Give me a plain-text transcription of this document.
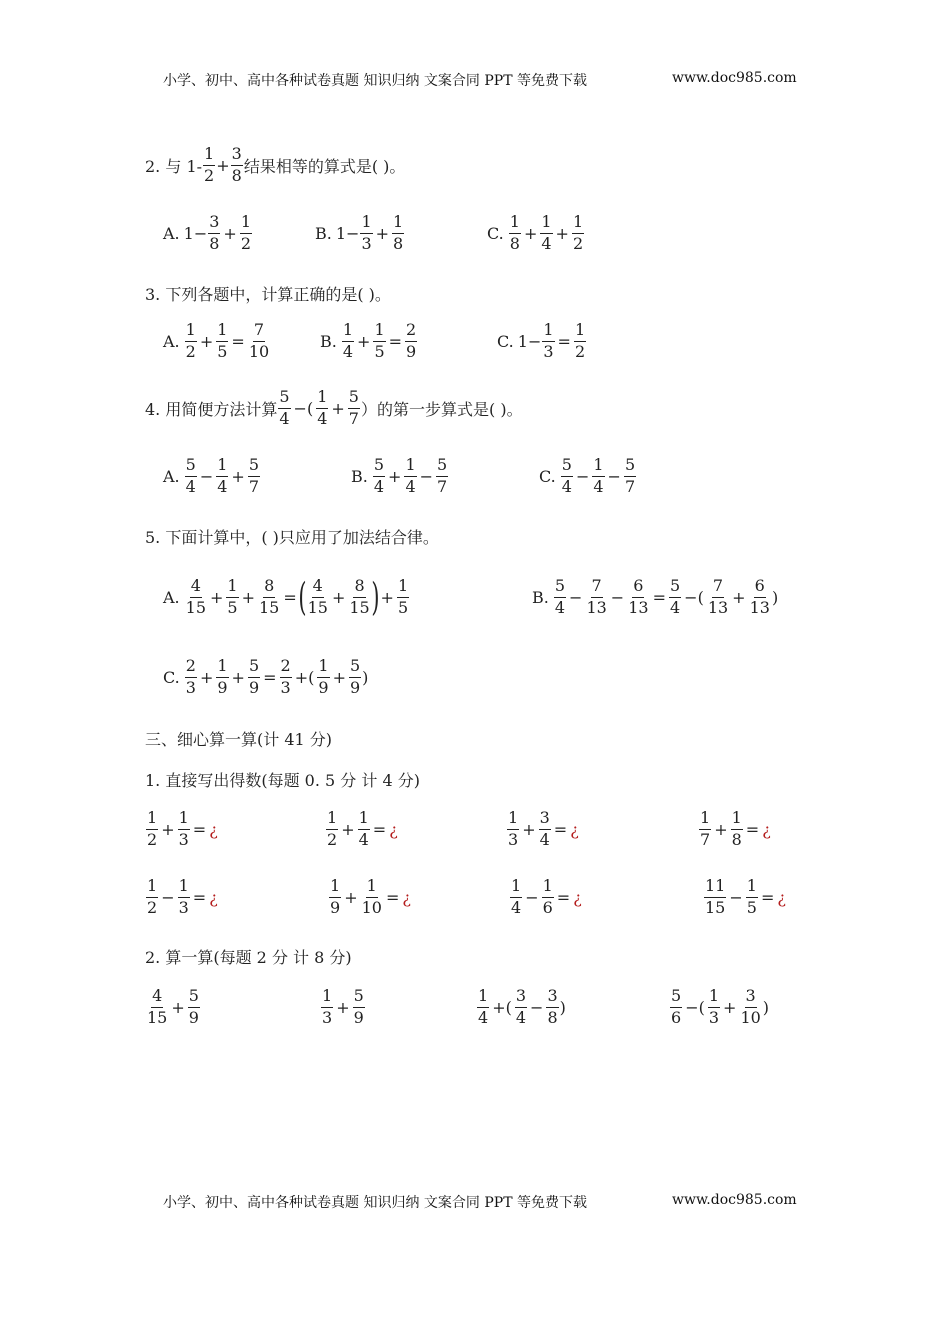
小学、初中、高中各种试卷真题 知识归纳 文案合同 PPT 等免费下载	www.doc985.com
2. 与 $1- \frac{1}{2} + \frac{3}{8}$ 结果相等的算式是( )。
A. $1- \frac{3}{8} + \frac{1}{2}$	B. $1- \frac{1}{3} + \frac{1}{8}$	C. $\frac{1}{8} + \frac{1}{4} + \frac{1}{2}$
3. 下列各题中，计算正确的是( )。
A. $\frac{1}{2} + \frac{1}{5} = \frac{7}{10}$	B. $\frac{1}{4} + \frac{1}{5} = \frac{2}{9}$	C. $1- \frac{1}{3} = \frac{1}{2}$
4. 用简便方法计算 $\frac{5}{4}$ −( $\frac{1}{4} + \frac{5}{7}$ ） 的第一步算式是( )。
A. $\frac{5}{4} - \frac{1}{4} + \frac{5}{7}$	B. $\frac{5}{4} + \frac{1}{4} - \frac{5}{7}$	C. $\frac{5}{4} - \frac{1}{4} - \frac{5}{7}$
5. 下面计算中，( )只应用了加法结合律。
A. $\frac{4}{15} + \frac{1}{5} + \frac{8}{15}$ = ( $\frac{4}{15} + \frac{8}{15}$ ) + $\frac{1}{5}$	B. $\frac{5}{4} - \frac{7}{13} - \frac{6}{13} = \frac{5}{4}$ −( $\frac{7}{13} + \frac{6}{13}$ )
C. $\frac{2}{3} + \frac{1}{9} + \frac{5}{9} = \frac{2}{3}$ +( $\frac{1}{9} + \frac{5}{9}$ )
三、细心算一算(计 41 分)
1. 直接写出得数(每题 0. 5 分 计 4 分)
$\frac{1}{2} + \frac{1}{3}$ = ¿	$\frac{1}{2} + \frac{1}{4}$ = ¿	$\frac{1}{3} + \frac{3}{4}$ = ¿	$\frac{1}{7} + \frac{1}{8}$ = ¿
$\frac{1}{2} - \frac{1}{3}$ = ¿	$\frac{1}{9} + \frac{1}{10}$ = ¿	$\frac{1}{4} - \frac{1}{6}$ = ¿	$\frac{11}{15} - \frac{1}{5}$ = ¿
2. 算一算(每题 2 分 计 8 分)
$\frac{4}{15} + \frac{5}{9}$	$\frac{1}{3} + \frac{5}{9}$	$\frac{1}{4}$ +( $\frac{3}{4} - \frac{3}{8}$ )	$\frac{5}{6}$ −( $\frac{1}{3} + \frac{3}{10}$ )
小学、初中、高中各种试卷真题 知识归纳 文案合同 PPT 等免费下载	www.doc985.com
